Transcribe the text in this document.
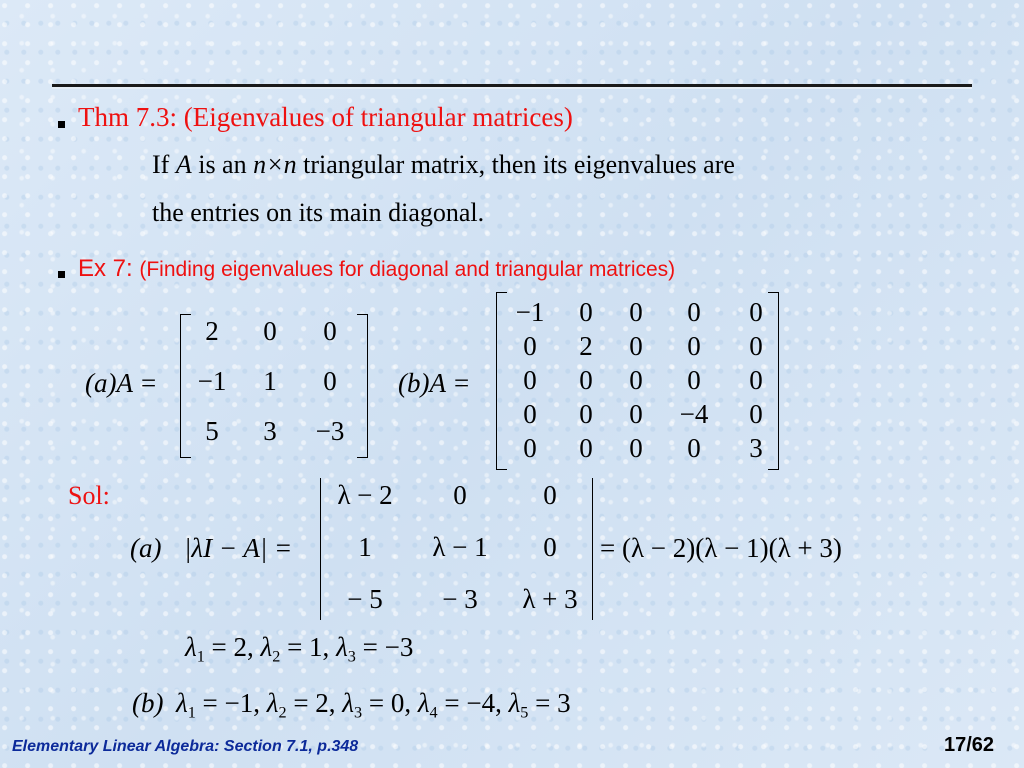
Thm 7.3: (Eigenvalues of triangular matrices)
If A is an n×n triangular matrix, then its eigenvalues are
the entries on its main diagonal.
Ex 7: (Finding eigenvalues for diagonal and triangular matrices)
(a)A =
2	0	0
−1	1	0
5	3	−3
(b)A =
−1	0	0	0	0
0	2	0	0	0
0	0	0	0	0
0	0	0	−4	0
0	0	0	0	3
Sol:
(a) |λI − A| =
λ − 2	0	0
1	λ − 1	0
− 5	− 3	λ + 3
= (λ − 2)(λ − 1)(λ + 3)
$\lambda_1 = 2$, $\lambda_2 = 1$, $\lambda_3 = -3$
(b) $\lambda_1 = -1$, $\lambda_2 = 2$, $\lambda_3 = 0$, $\lambda_4 = -4$, $\lambda_5 = 3$
Elementary Linear Algebra: Section 7.1, p.348	17/62
